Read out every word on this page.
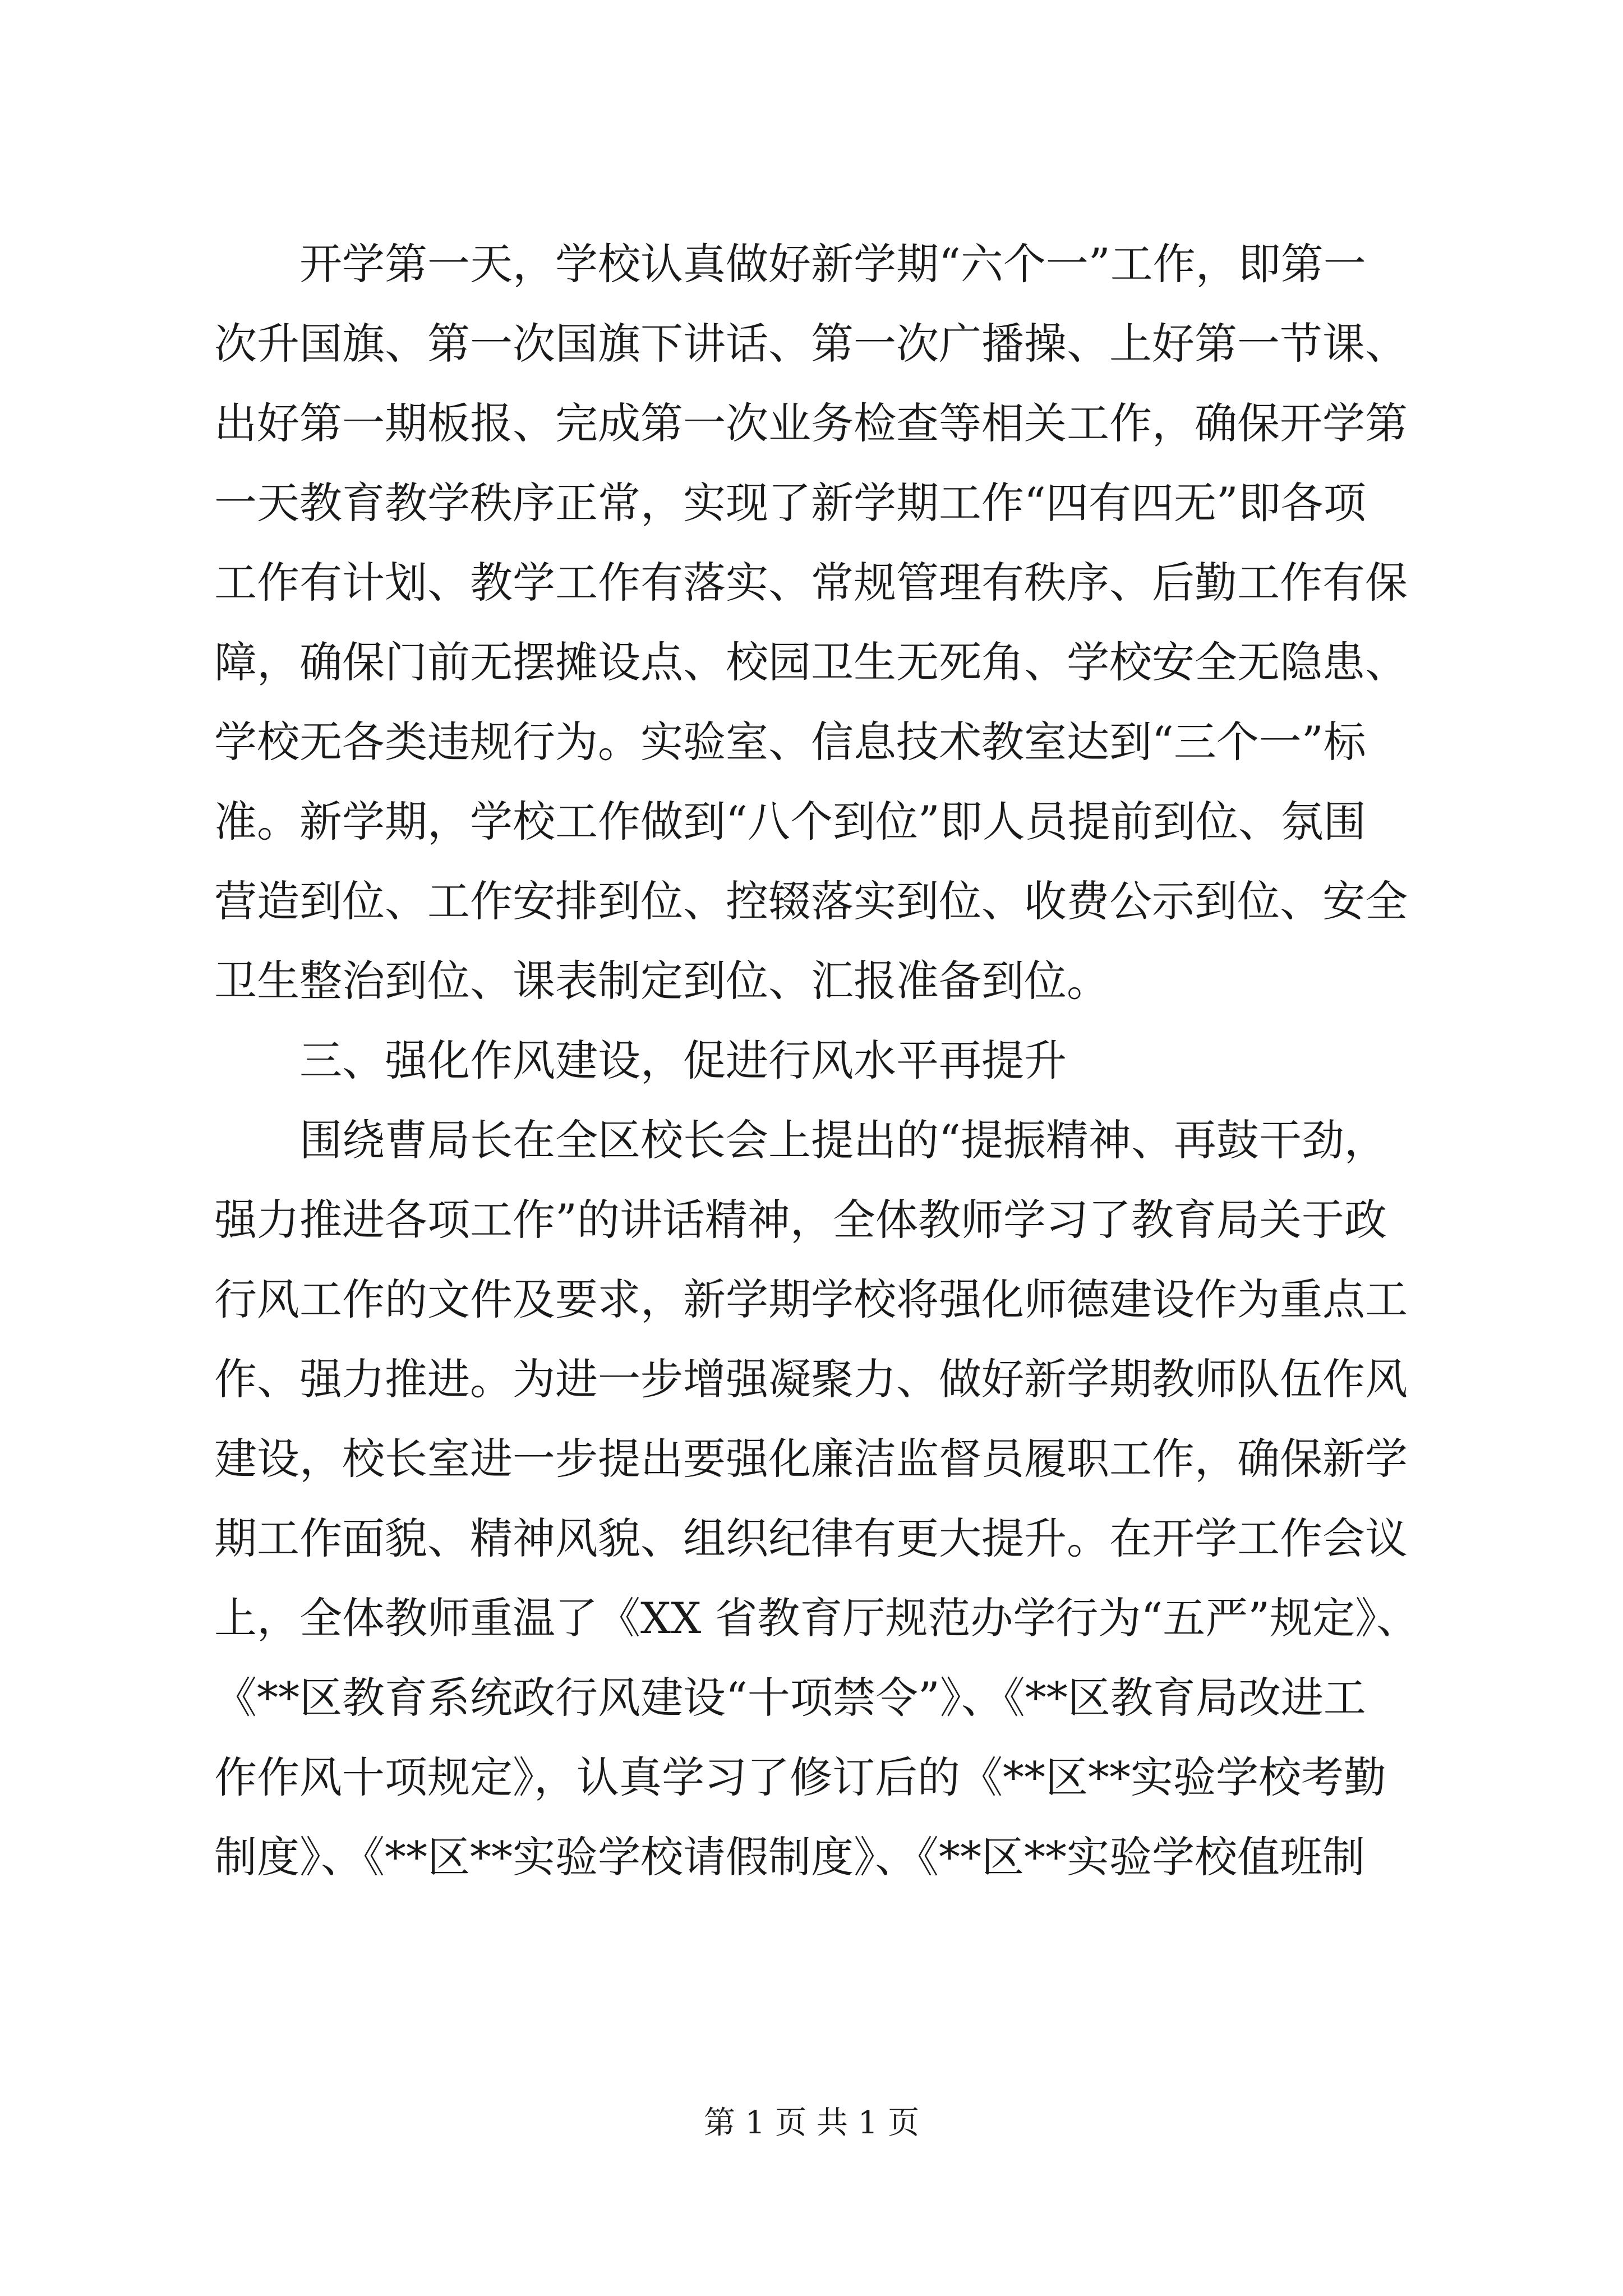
　　开学第一天，学校认真做好新学期“六个一”工作，即第一
次升国旗、第一次国旗下讲话、第一次广播操、上好第一节课、
出好第一期板报、完成第一次业务检查等相关工作，确保开学第
一天教育教学秩序正常，实现了新学期工作“四有四无”即各项
工作有计划、教学工作有落实、常规管理有秩序、后勤工作有保
障，确保门前无摆摊设点、校园卫生无死角、学校安全无隐患、
学校无各类违规行为。实验室、信息技术教室达到“三个一”标
准。新学期，学校工作做到“八个到位”即人员提前到位、氛围
营造到位、工作安排到位、控辍落实到位、收费公示到位、安全
卫生整治到位、课表制定到位、汇报准备到位。
　　三、强化作风建设，促进行风水平再提升
　　围绕曹局长在全区校长会上提出的“提振精神、再鼓干劲，
强力推进各项工作”的讲话精神，全体教师学习了教育局关于政
行风工作的文件及要求，新学期学校将强化师德建设作为重点工
作、强力推进。为进一步增强凝聚力、做好新学期教师队伍作风
建设，校长室进一步提出要强化廉洁监督员履职工作，确保新学
期工作面貌、精神风貌、组织纪律有更大提升。在开学工作会议
上，全体教师重温了《XX 省教育厅规范办学行为“五严”规定》、
《**区教育系统政行风建设“十项禁令”》、《**区教育局改进工
作作风十项规定》，认真学习了修订后的《**区**实验学校考勤
制度》、《**区**实验学校请假制度》、《**区**实验学校值班制
第 1 页 共 1 页
